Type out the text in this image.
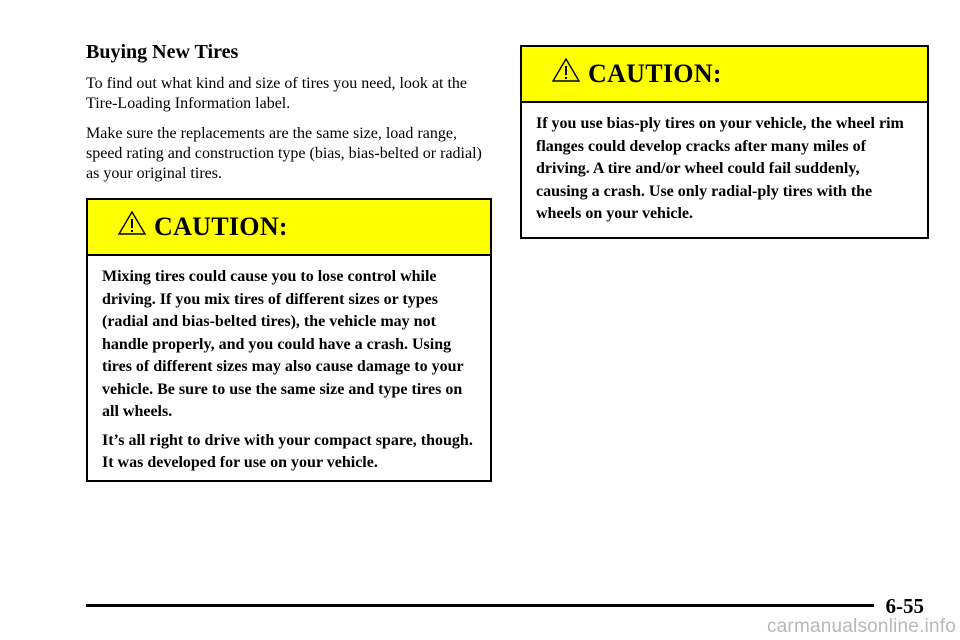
Buying New Tires

To find out what kind and size of tires you need, look at the Tire-Loading Information label.

Make sure the replacements are the same size, load range, speed rating and construction type (bias, bias-belted or radial) as your original tires.

CAUTION:

Mixing tires could cause you to lose control while driving. If you mix tires of different sizes or types (radial and bias-belted tires), the vehicle may not handle properly, and you could have a crash. Using tires of different sizes may also cause damage to your vehicle. Be sure to use the same size and type tires on all wheels.

It’s all right to drive with your compact spare, though. It was developed for use on your vehicle.

CAUTION:

If you use bias-ply tires on your vehicle, the wheel rim flanges could develop cracks after many miles of driving. A tire and/or wheel could fail suddenly, causing a crash. Use only radial-ply tires with the wheels on your vehicle.

6-55
carmanualsonline.info
